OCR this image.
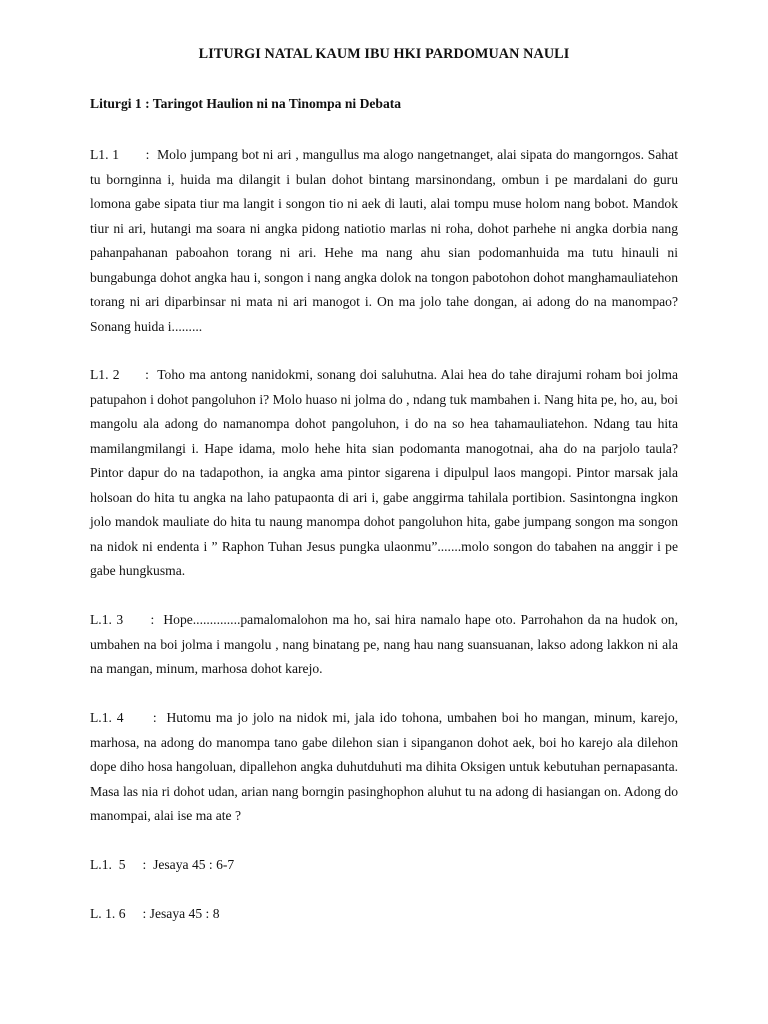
LITURGI NATAL KAUM IBU HKI PARDOMUAN NAULI
Liturgi 1 : Taringot Haulion ni na Tinompa ni Debata

L1. 1       :  Molo jumpang bot ni ari , mangullus ma alogo nangetnanget, alai sipata do mangorngos. Sahat tu bornginna i, huida ma dilangit i bulan dohot bintang marsinondang, ombun i pe mardalani do guru lomona gabe sipata tiur ma langit i songon tio ni aek di lauti, alai tompu muse holom nang bobot. Mandok tiur ni ari, hutangi ma soara ni angka pidong natiotio marlas ni roha, dohot parhehe ni angka dorbia nang pahanpahanan paboahon torang ni ari. Hehe ma nang ahu sian podomanhuida ma tutu hinauli ni bungabunga dohot angka hau i, songon i nang angka dolok na tongon pabotohon dohot manghamauliatehon torang ni ari diparbinsar ni mata ni ari manogot i. On ma jolo tahe dongan, ai adong do na manompao? Sonang huida i.........

L1. 2      :  Toho ma antong nanidokmi, sonang doi saluhutna. Alai hea do tahe dirajumi roham boi jolma patupahon i dohot pangoluhon i? Molo huaso ni jolma do , ndang tuk mambahen i. Nang hita pe, ho, au, boi mangolu ala adong do namanompa dohot pangoluhon, i do na so hea tahamauliatehon. Ndang tau hita mamilangmilangi i. Hape idama, molo hehe hita sian podomanta manogotnai, aha do na parjolo taula? Pintor dapur do na tadapothon, ia angka ama pintor sigarena i dipulpul laos mangopi. Pintor marsak jala holsoan do hita tu angka na laho patupaonta di ari i, gabe anggirma tahilala portibion. Sasintongna ingkon jolo mandok mauliate do hita tu naung manompa dohot pangoluhon hita, gabe jumpang songon ma songon na nidok ni endenta i ” Raphon Tuhan Jesus pungka ulaonmu”.......molo songon do tabahen na anggir i pe gabe hungkusma.

L.1. 3      :  Hope..............pamalomalohon ma ho, sai hira namalo hape oto. Parrohahon da na hudok on, umbahen na boi jolma i mangolu , nang binatang pe, nang hau nang suansuanan, lakso adong lakkon ni ala na mangan, minum, marhosa dohot karejo.

L.1. 4      :  Hutomu ma jo jolo na nidok mi, jala ido tohona, umbahen boi ho mangan, minum, karejo, marhosa, na adong do manompa tano gabe dilehon sian i sipanganon dohot aek, boi ho karejo ala dilehon dope diho hosa hangoluan, dipallehon angka duhutduhuti ma dihita Oksigen untuk kebutuhan pernapasanta. Masa las nia ri dohot udan, arian nang borngin pasinghophon aluhut tu na adong di hasiangan on. Adong do manompai, alai ise ma ate ?

L.1.  5     :  Jesaya 45 : 6-7

L. 1. 6     : Jesaya 45 : 8
